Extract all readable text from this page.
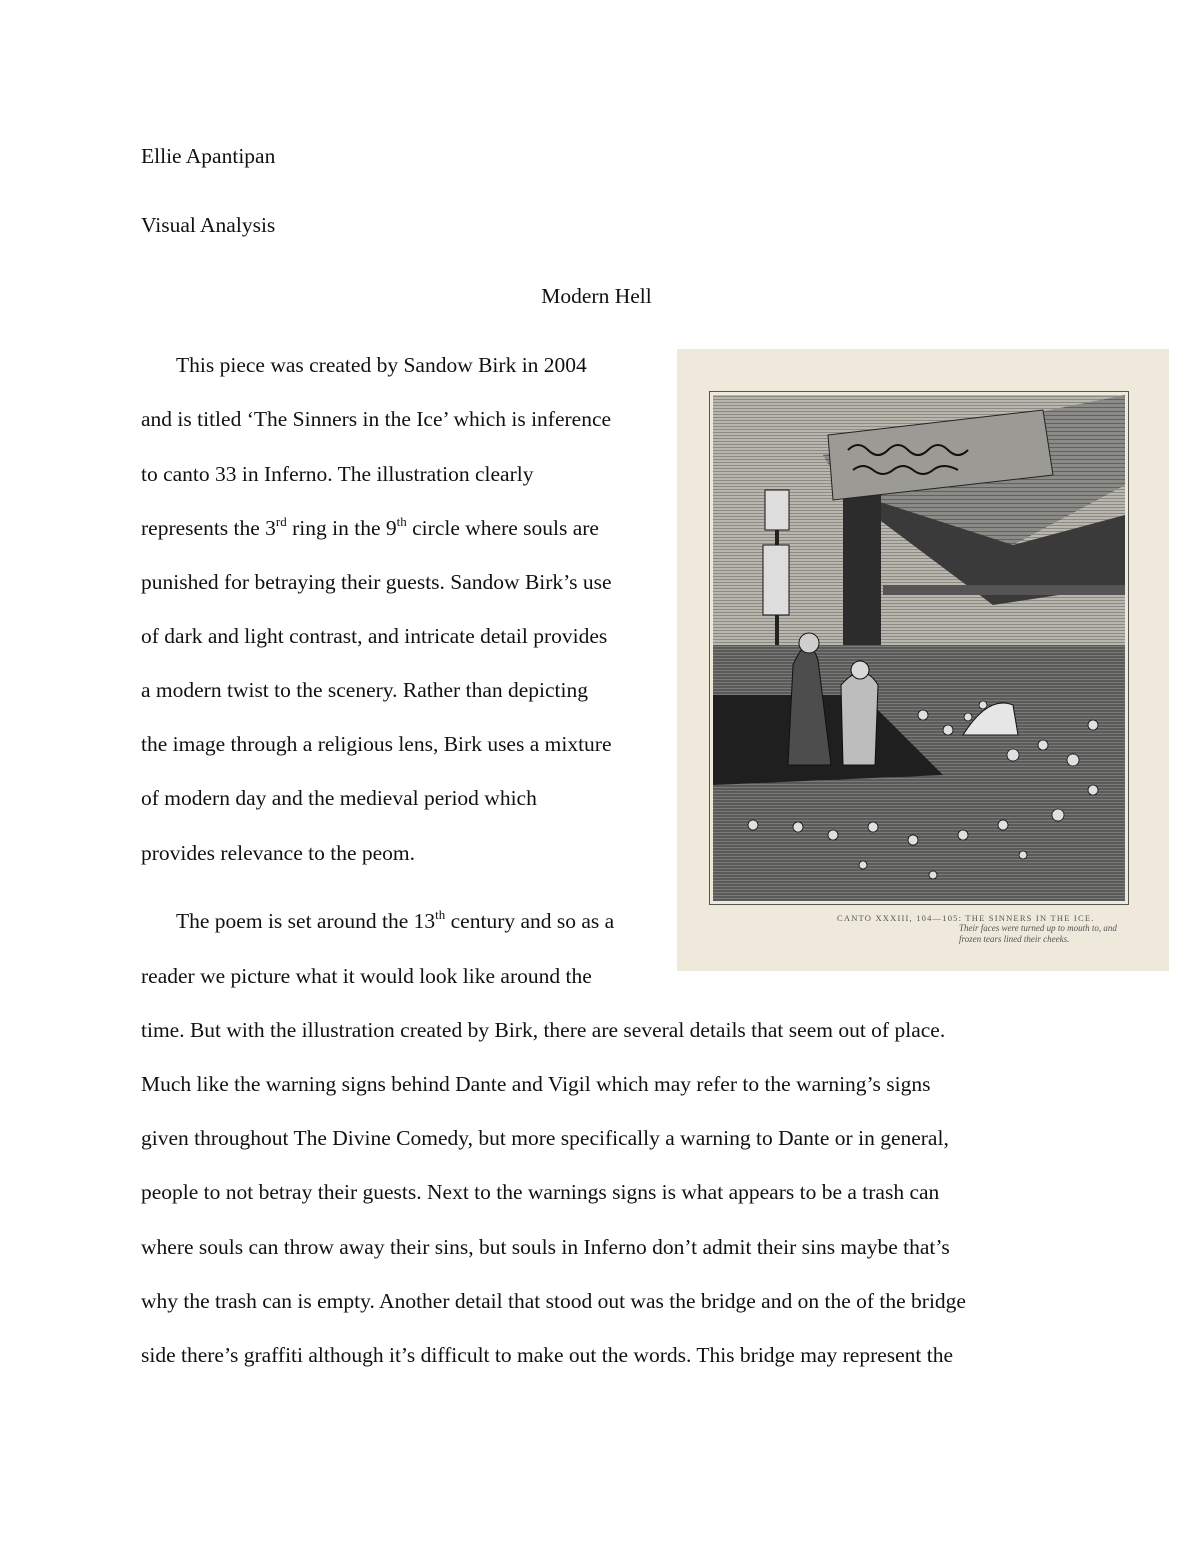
Ellie Apantipan
Visual Analysis
Modern Hell
This piece was created by Sandow Birk in 2004
and is titled ‘The Sinners in the Ice’ which is inference
to canto 33 in Inferno. The illustration clearly
represents the 3rd ring in the 9th circle where souls are
punished for betraying their guests. Sandow Birk’s use
of dark and light contrast, and intricate detail provides
a modern twist to the scenery. Rather than depicting
the image through a religious lens, Birk uses a mixture
of modern day and the medieval period which
provides relevance to the peom.
The poem is set around the 13th century and so as a
reader we picture what it would look like around the
time. But with the illustration created by Birk, there are several details that seem out of place.
Much like the warning signs behind Dante and Vigil which may refer to the warning’s signs
given throughout The Divine Comedy, but more specifically a warning to Dante or in general,
people to not betray their guests. Next to the warnings signs is what appears to be a trash can
where souls can throw away their sins, but souls in Inferno don’t admit their sins maybe that’s
why the trash can is empty. Another detail that stood out was the bridge and on the of the bridge
side there’s graffiti although it’s difficult to make out the words. This bridge may represent the
CANTO XXXIII, 104—105: THE SINNERS IN THE ICE.
Their faces were turned up to mouth to, and
frozen tears lined their cheeks.
